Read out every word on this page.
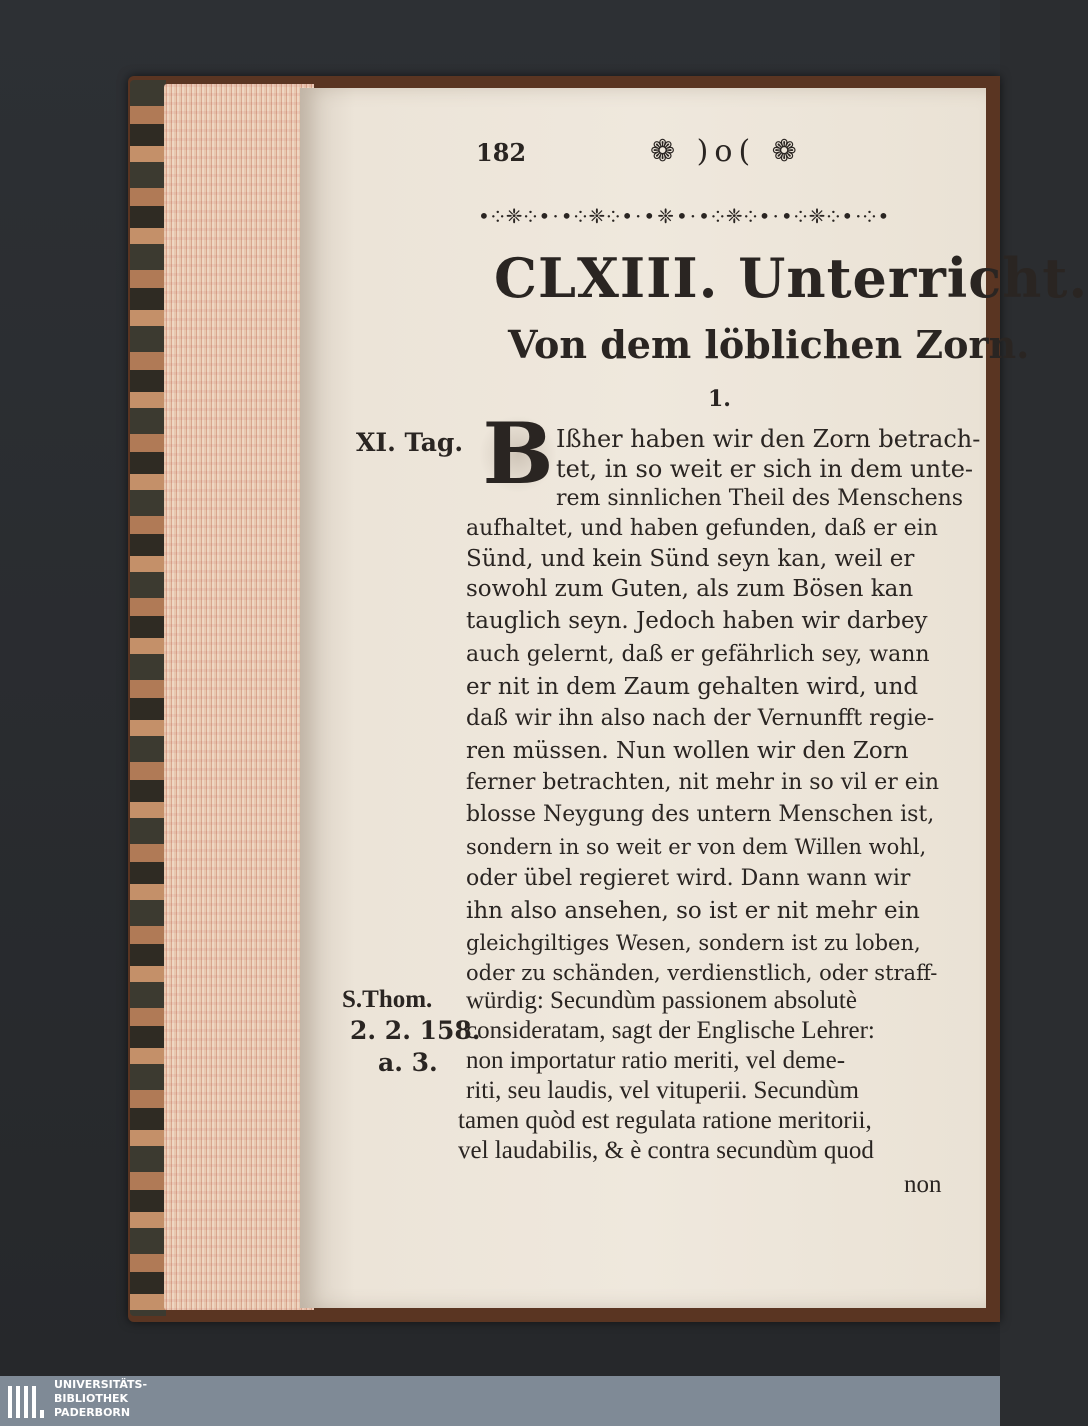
182	❁ )o( ❁
•༶❈༶•·•༶❈༶•·•❈•·•༶❈༶•·•༶❈༶•·༶•
CLXIII. Unterricht.
Von dem löblichen Zorn.
1.
XI. Tag.
S.Thom.
2. 2. 158.
a. 3.
B Ißher haben wir den Zorn betrach-
tet, in so weit er sich in dem unte-
rem sinnlichen Theil des Menschens
aufhaltet, und haben gefunden, daß er ein
Sünd, und kein Sünd seyn kan, weil er
sowohl zum Guten, als zum Bösen kan
tauglich seyn. Jedoch haben wir darbey
auch gelernt, daß er gefährlich sey, wann
er nit in dem Zaum gehalten wird, und
daß wir ihn also nach der Vernunfft regie-
ren müssen. Nun wollen wir den Zorn
ferner betrachten, nit mehr in so vil er ein
blosse Neygung des untern Menschen ist,
sondern in so weit er von dem Willen wohl,
oder übel regieret wird. Dann wann wir
ihn also ansehen, so ist er nit mehr ein
gleichgiltiges Wesen, sondern ist zu loben,
oder zu schänden, verdienstlich, oder straff-
würdig: Secundùm passionem absolutè
consideratam, sagt der Englische Lehrer:
non importatur ratio meriti, vel deme-
riti, seu laudis, vel vituperii. Secundùm
tamen quòd est regulata ratione meritorii,
vel laudabilis, & è contra secundùm quod
non
UNIVERSITÄTS-
BIBLIOTHEK
PADERBORN
